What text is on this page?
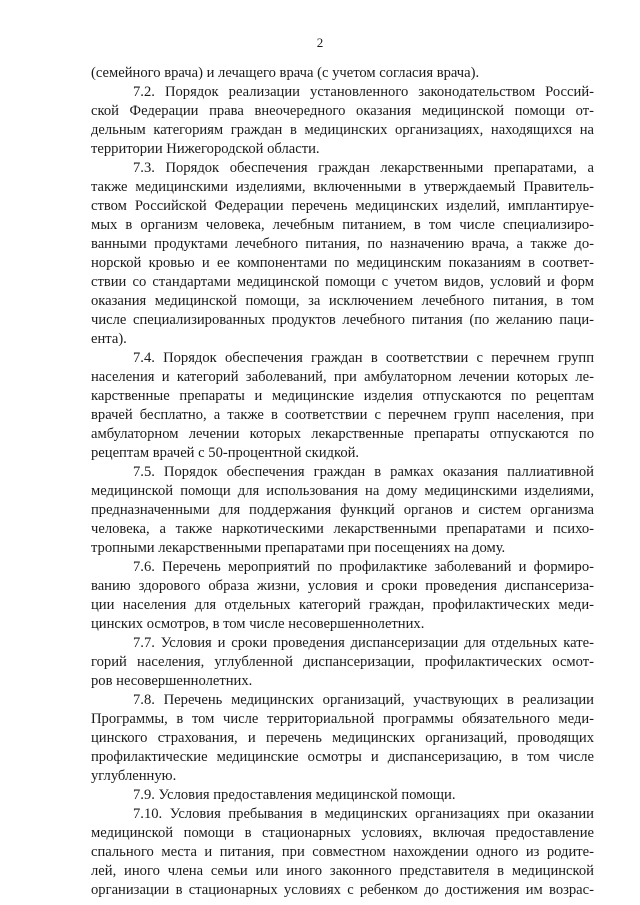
2
(семейного врача) и лечащего врача (с учетом согласия врача).
7.2. Порядок реализации установленного законодательством Россий-
ской Федерации права внеочередного оказания медицинской помощи от-
дельным категориям граждан в медицинских организациях, находящихся на
территории Нижегородской области.
7.3. Порядок обеспечения граждан лекарственными препаратами, а
также медицинскими изделиями, включенными в утверждаемый Правитель-
ством Российской Федерации перечень медицинских изделий, имплантируе-
мых в организм человека, лечебным питанием, в том числе специализиро-
ванными продуктами лечебного питания, по назначению врача, а также до-
норской кровью и ее компонентами по медицинским показаниям в соответ-
ствии со стандартами медицинской помощи с учетом видов, условий и форм
оказания медицинской помощи, за исключением лечебного питания, в том
числе специализированных продуктов лечебного питания (по желанию паци-
ента).
7.4. Порядок обеспечения граждан в соответствии с перечнем групп
населения и категорий заболеваний, при амбулаторном лечении которых ле-
карственные препараты и медицинские изделия отпускаются по рецептам
врачей бесплатно, а также в соответствии с перечнем групп населения, при
амбулаторном лечении которых лекарственные препараты отпускаются по
рецептам врачей с 50-процентной скидкой.
7.5. Порядок обеспечения граждан в рамках оказания паллиативной
медицинской помощи для использования на дому медицинскими изделиями,
предназначенными для поддержания функций органов и систем организма
человека, а также наркотическими лекарственными препаратами и психо-
тропными лекарственными препаратами при посещениях на дому.
7.6. Перечень мероприятий по профилактике заболеваний и формиро-
ванию здорового образа жизни, условия и сроки проведения диспансериза-
ции населения для отдельных категорий граждан, профилактических меди-
цинских осмотров, в том числе несовершеннолетних.
7.7. Условия и сроки проведения диспансеризации для отдельных кате-
горий населения, углубленной диспансеризации, профилактических осмот-
ров несовершеннолетних.
7.8. Перечень медицинских организаций, участвующих в реализации
Программы, в том числе территориальной программы обязательного меди-
цинского страхования, и перечень медицинских организаций, проводящих
профилактические медицинские осмотры и диспансеризацию, в том числе
углубленную.
7.9. Условия предоставления медицинской помощи.
7.10. Условия пребывания в медицинских организациях при оказании
медицинской помощи в стационарных условиях, включая предоставление
спального места и питания, при совместном нахождении одного из родите-
лей, иного члена семьи или иного законного представителя в медицинской
организации в стационарных условиях с ребенком до достижения им возрас-
